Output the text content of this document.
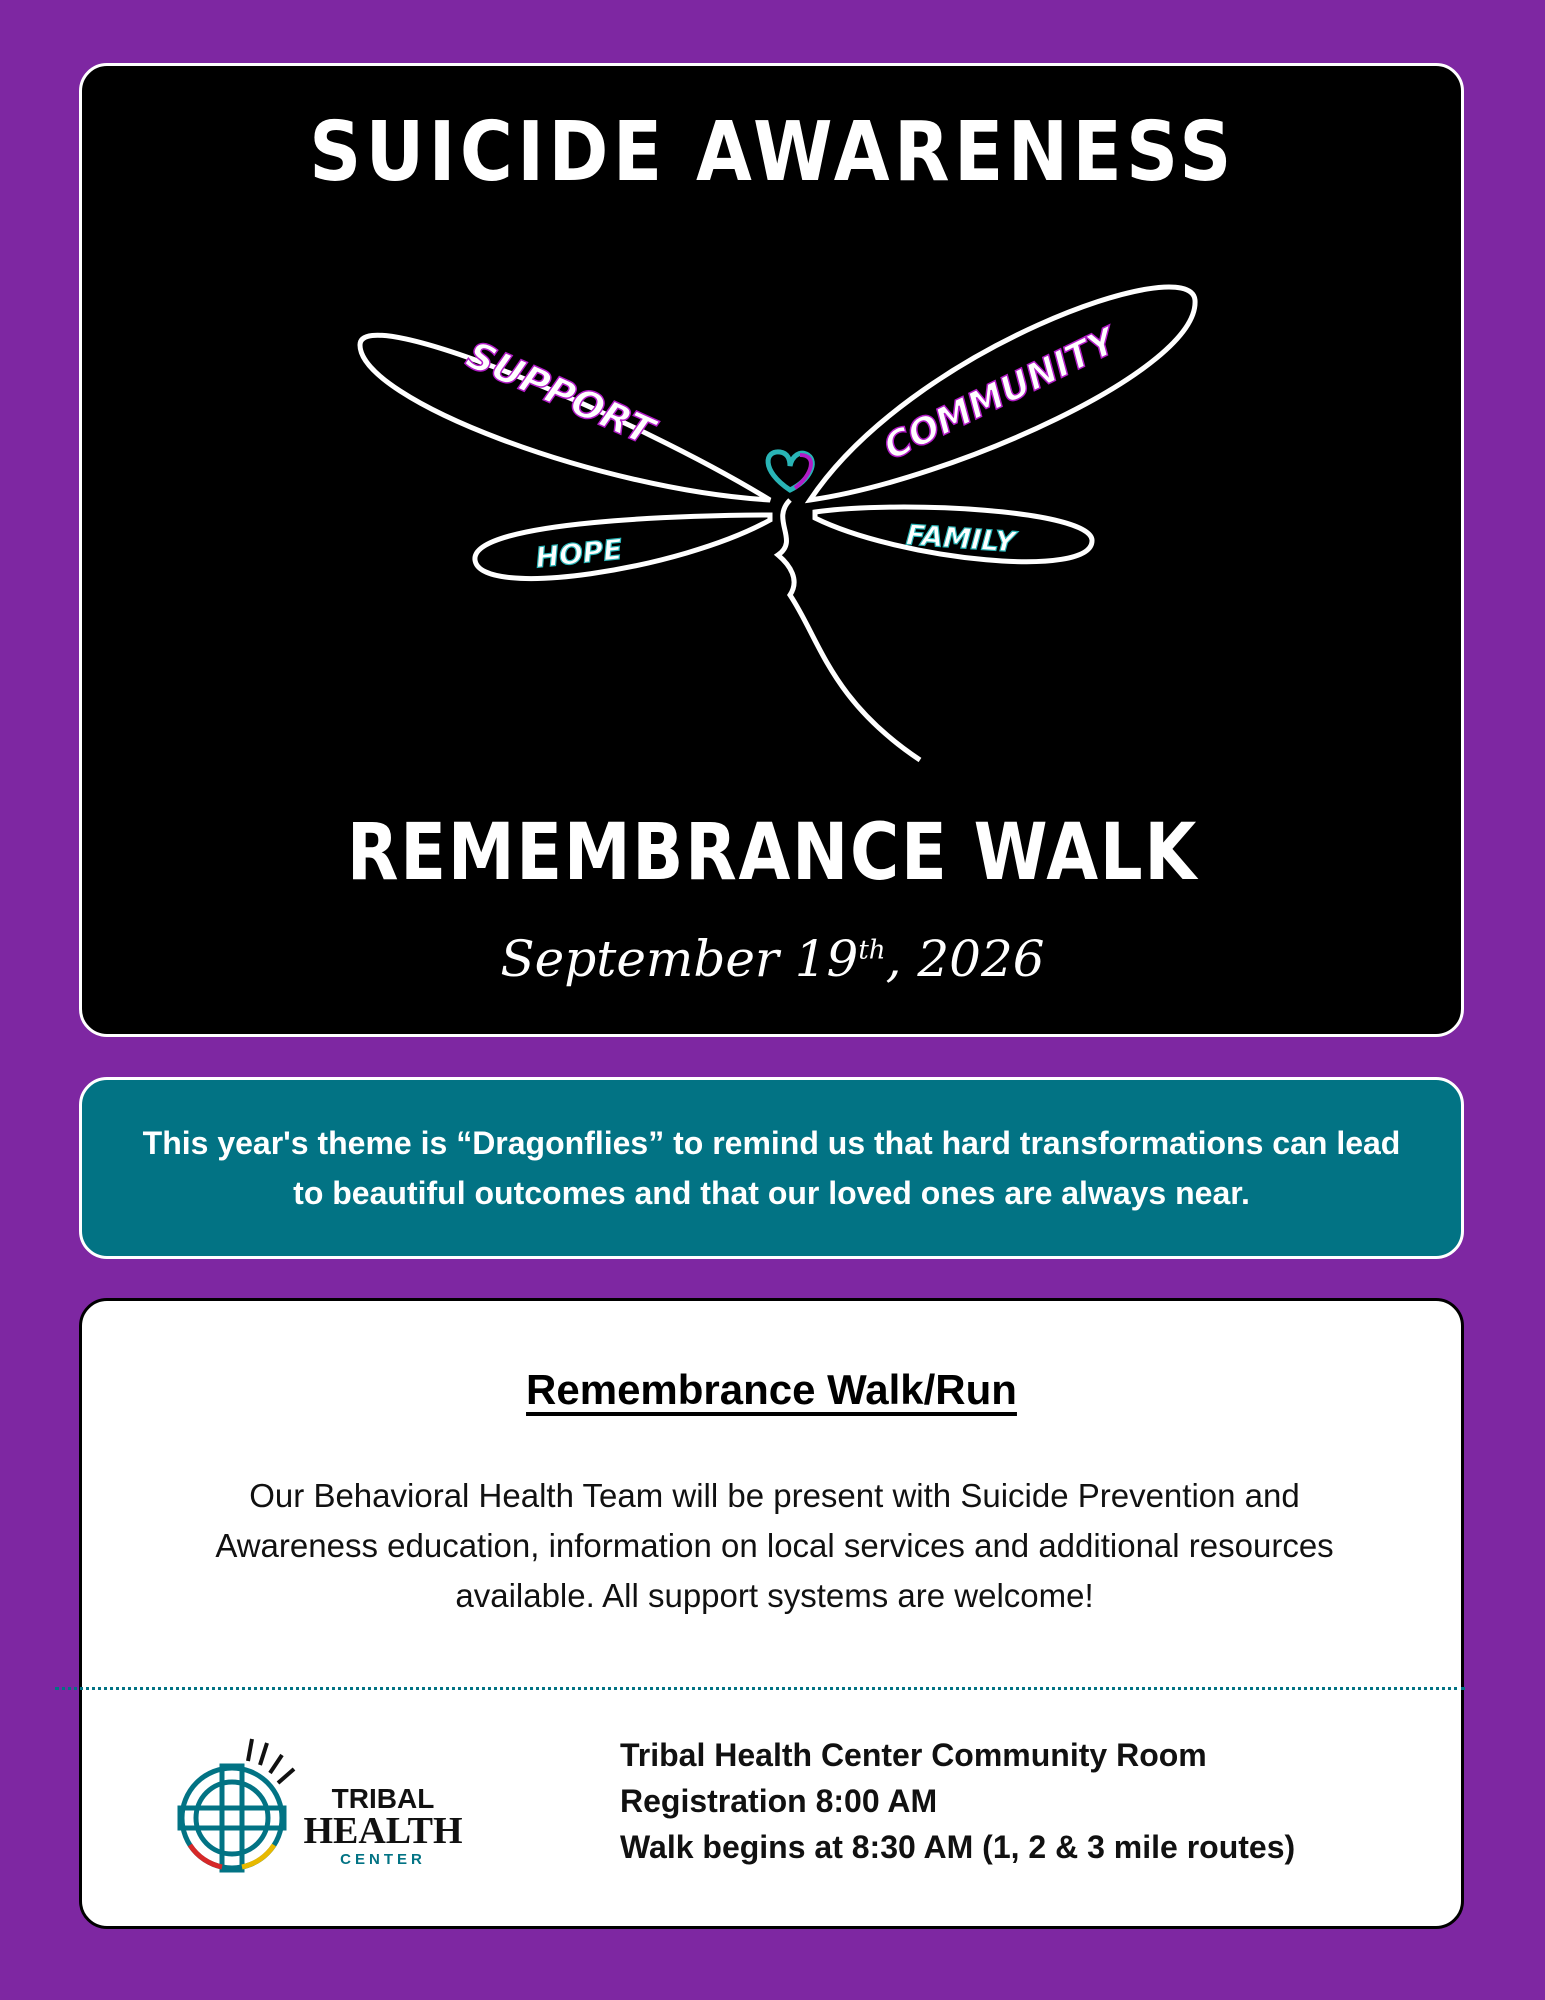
SUICIDE AWARENESS
SUPPORT	COMMUNITY
HOPE	FAMILY
REMEMBRANCE WALK
September 19th, 2026
This year's theme is “Dragonflies” to remind us that hard transformations can lead to beautiful outcomes and that our loved ones are always near.
Remembrance Walk/Run
Our Behavioral Health Team will be present with Suicide Prevention and Awareness education, information on local services and additional resources available. All support systems are welcome!
TRIBAL
HEALTH
CENTER
Tribal Health Center Community Room
Registration 8:00 AM
Walk begins at 8:30 AM (1, 2 & 3 mile routes)
